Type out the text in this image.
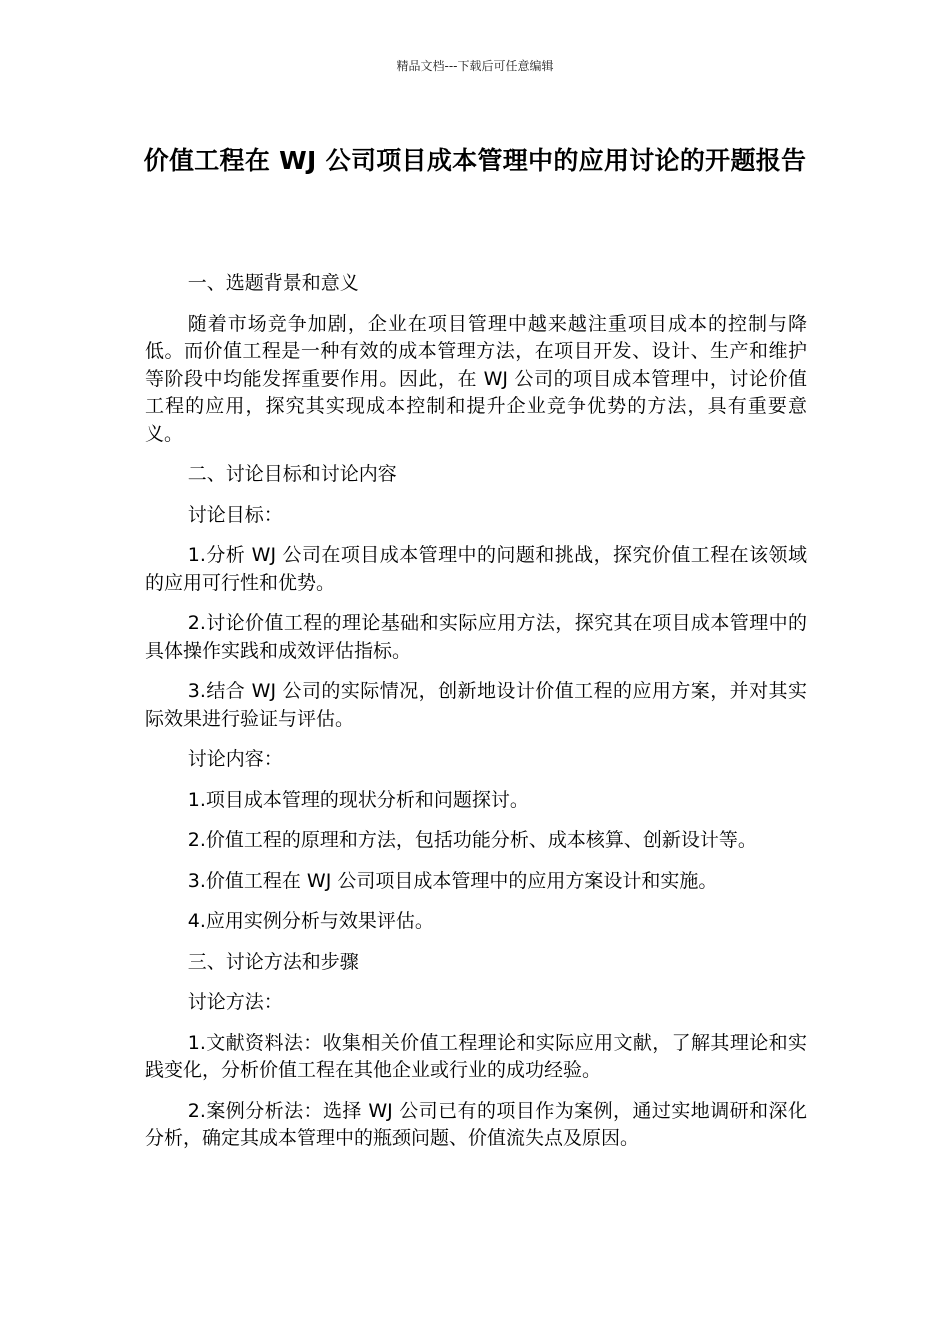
精品文档---下载后可任意编辑
价值工程在 WJ 公司项目成本管理中的应用讨论的开题报告

一、选题背景和意义

随着市场竞争加剧，企业在项目管理中越来越注重项目成本的控制与降低。而价值工程是一种有效的成本管理方法，在项目开发、设计、生产和维护等阶段中均能发挥重要作用。因此，在 WJ 公司的项目成本管理中，讨论价值工程的应用，探究其实现成本控制和提升企业竞争优势的方法，具有重要意义。

二、讨论目标和讨论内容

讨论目标：

1.分析 WJ 公司在项目成本管理中的问题和挑战，探究价值工程在该领域的应用可行性和优势。

2.讨论价值工程的理论基础和实际应用方法，探究其在项目成本管理中的具体操作实践和成效评估指标。

3.结合 WJ 公司的实际情况，创新地设计价值工程的应用方案，并对其实际效果进行验证与评估。

讨论内容：

1.项目成本管理的现状分析和问题探讨。

2.价值工程的原理和方法，包括功能分析、成本核算、创新设计等。

3.价值工程在 WJ 公司项目成本管理中的应用方案设计和实施。

4.应用实例分析与效果评估。

三、讨论方法和步骤

讨论方法：

1.文献资料法：收集相关价值工程理论和实际应用文献，了解其理论和实践变化，分析价值工程在其他企业或行业的成功经验。

2.案例分析法：选择 WJ 公司已有的项目作为案例，通过实地调研和深化分析，确定其成本管理中的瓶颈问题、价值流失点及原因。
